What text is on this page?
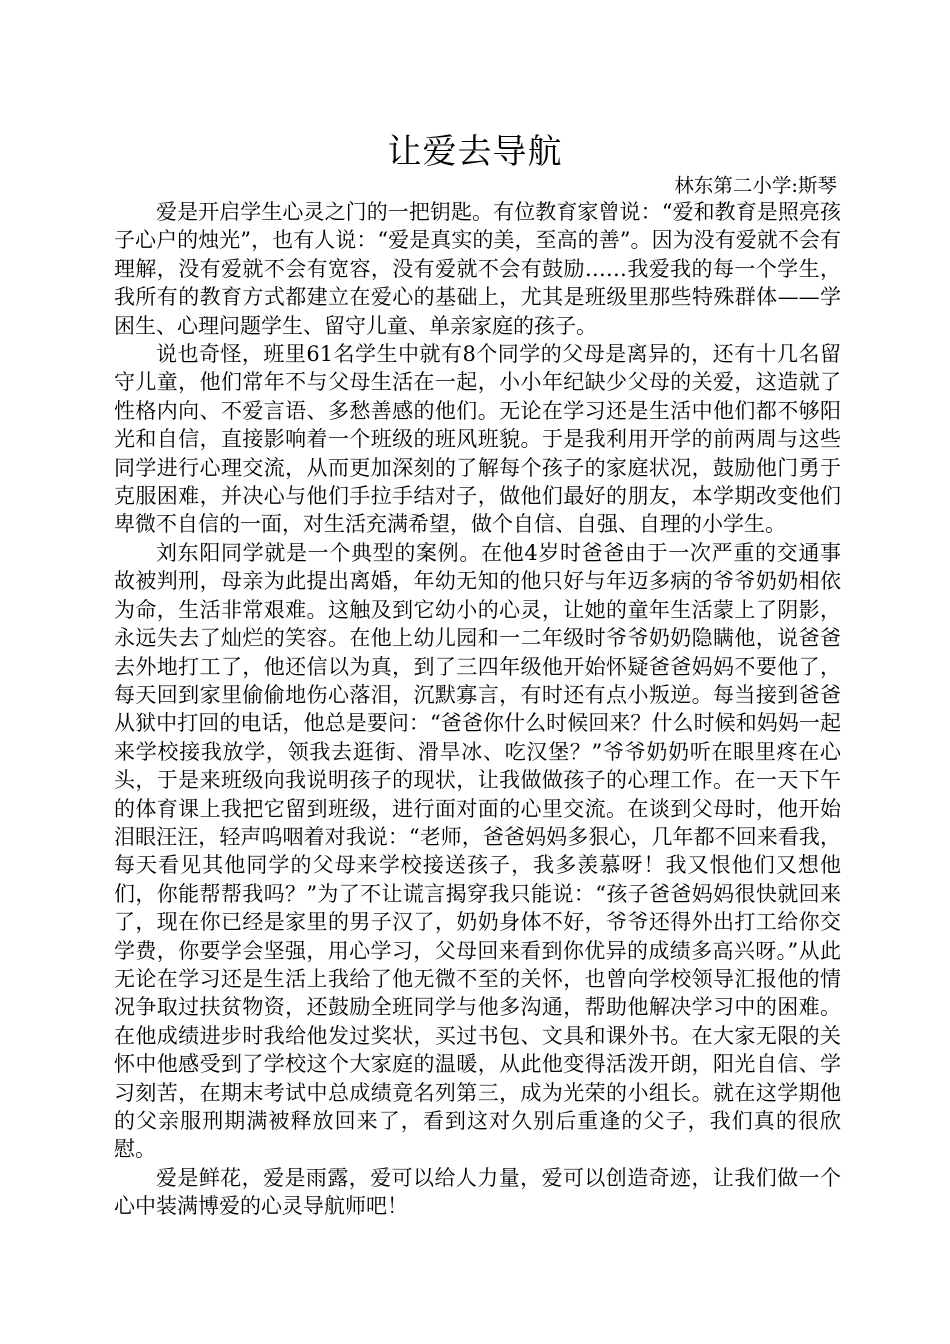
让爱去导航
林东第二小学:斯琴

爱是开启学生心灵之门的一把钥匙。有位教育家曾说：“爱和教育是照亮孩子心户的烛光”，也有人说：“爱是真实的美，至高的善”。因为没有爱就不会有理解，没有爱就不会有宽容，没有爱就不会有鼓励……我爱我的每一个学生，我所有的教育方式都建立在爱心的基础上，尤其是班级里那些特殊群体——学困生、心理问题学生、留守儿童、单亲家庭的孩子。

说也奇怪，班里61名学生中就有8个同学的父母是离异的，还有十几名留守儿童，他们常年不与父母生活在一起，小小年纪缺少父母的关爱，这造就了性格内向、不爱言语、多愁善感的他们。无论在学习还是生活中他们都不够阳光和自信，直接影响着一个班级的班风班貌。于是我利用开学的前两周与这些同学进行心理交流，从而更加深刻的了解每个孩子的家庭状况，鼓励他门勇于克服困难，并决心与他们手拉手结对子，做他们最好的朋友，本学期改变他们卑微不自信的一面，对生活充满希望，做个自信、自强、自理的小学生。

刘东阳同学就是一个典型的案例。在他4岁时爸爸由于一次严重的交通事故被判刑，母亲为此提出离婚，年幼无知的他只好与年迈多病的爷爷奶奶相依为命，生活非常艰难。这触及到它幼小的心灵，让她的童年生活蒙上了阴影，永远失去了灿烂的笑容。在他上幼儿园和一二年级时爷爷奶奶隐瞒他，说爸爸去外地打工了，他还信以为真，到了三四年级他开始怀疑爸爸妈妈不要他了，每天回到家里偷偷地伤心落泪，沉默寡言，有时还有点小叛逆。每当接到爸爸从狱中打回的电话，他总是要问：“爸爸你什么时候回来？什么时候和妈妈一起来学校接我放学，领我去逛街、滑旱冰、吃汉堡？”爷爷奶奶听在眼里疼在心头，于是来班级向我说明孩子的现状，让我做做孩子的心理工作。在一天下午的体育课上我把它留到班级，进行面对面的心里交流。在谈到父母时，他开始泪眼汪汪，轻声呜咽着对我说：“老师，爸爸妈妈多狠心，几年都不回来看我，每天看见其他同学的父母来学校接送孩子，我多羡慕呀！我又恨他们又想他们，你能帮帮我吗？”为了不让谎言揭穿我只能说：“孩子爸爸妈妈很快就回来了，现在你已经是家里的男子汉了，奶奶身体不好，爷爷还得外出打工给你交学费，你要学会坚强，用心学习，父母回来看到你优异的成绩多高兴呀。”从此无论在学习还是生活上我给了他无微不至的关怀，也曾向学校领导汇报他的情况争取过扶贫物资，还鼓励全班同学与他多沟通，帮助他解决学习中的困难。在他成绩进步时我给他发过奖状，买过书包、文具和课外书。在大家无限的关怀中他感受到了学校这个大家庭的温暖，从此他变得活泼开朗，阳光自信、学习刻苦，在期末考试中总成绩竟名列第三，成为光荣的小组长。就在这学期他的父亲服刑期满被释放回来了，看到这对久别后重逢的父子，我们真的很欣慰。

爱是鲜花，爱是雨露，爱可以给人力量，爱可以创造奇迹，让我们做一个心中装满博爱的心灵导航师吧！
